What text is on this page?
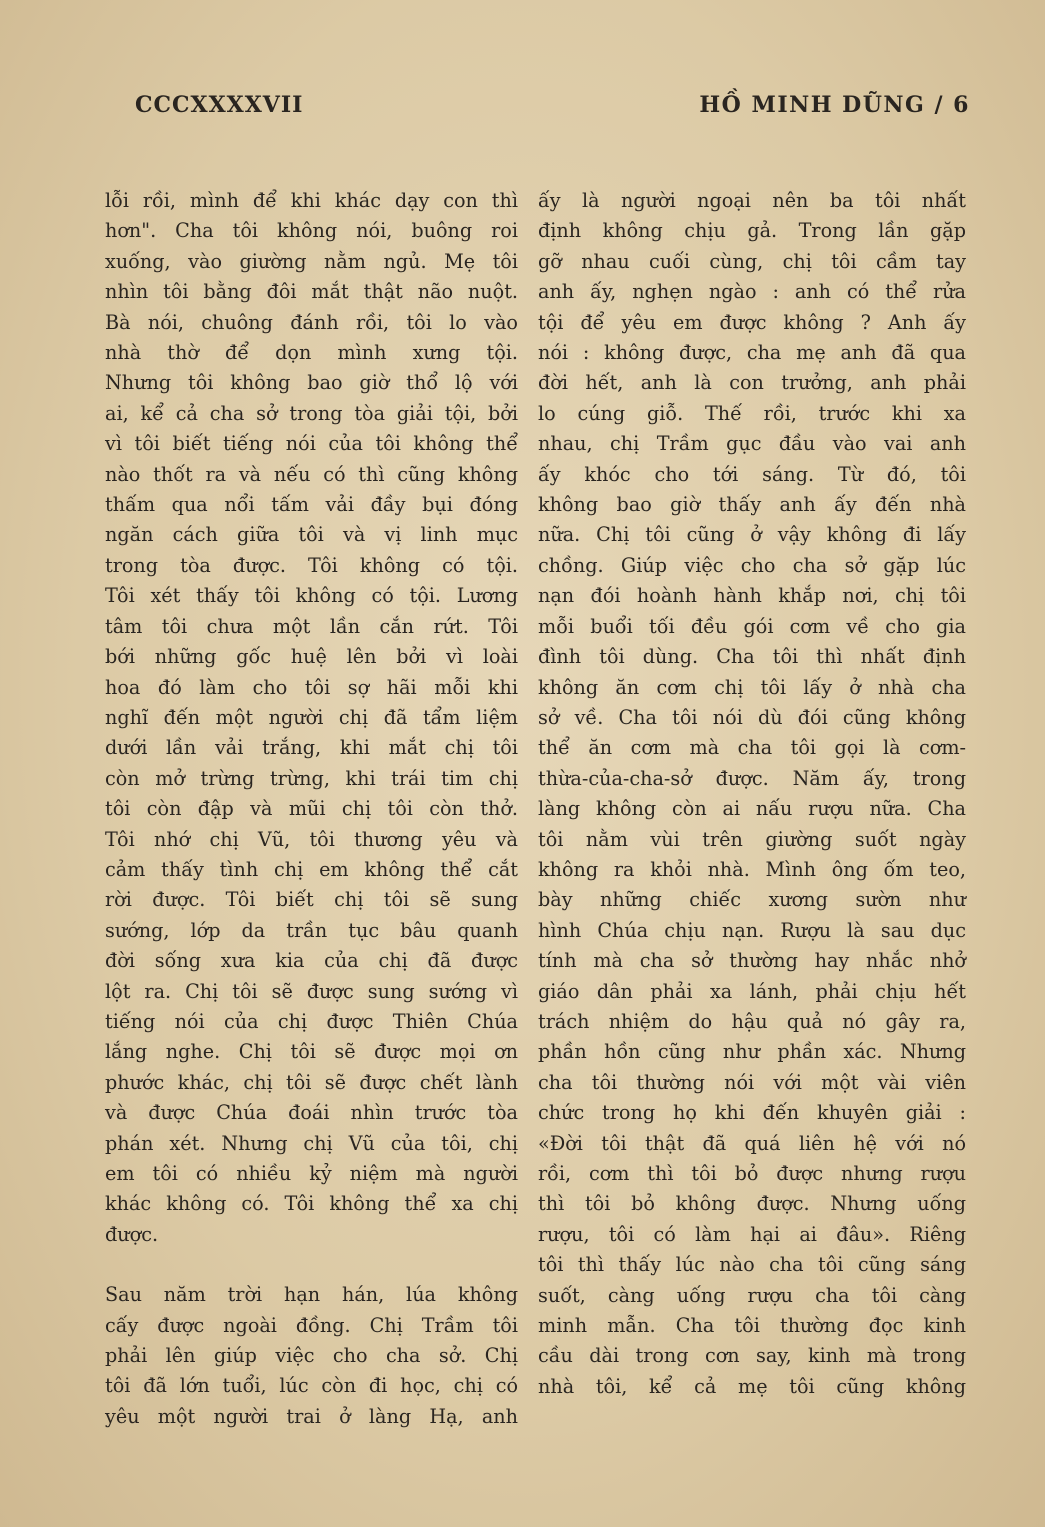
CCCXXXXVII	HỒ MINH DŨNG / 6

lỗi rồi, mình để khi khác dạy con thì
hơn". Cha tôi không nói, buông roi
xuống, vào giường nằm ngủ. Mẹ tôi
nhìn tôi bằng đôi mắt thật não nuột.
Bà nói, chuông đánh rồi, tôi lo vào
nhà thờ để dọn mình xưng tội.
Nhưng tôi không bao giờ thổ lộ với
ai, kể cả cha sở trong tòa giải tội, bởi
vì tôi biết tiếng nói của tôi không thể
nào thốt ra và nếu có thì cũng không
thấm qua nổi tấm vải đầy bụi đóng
ngăn cách giữa tôi và vị linh mục
trong tòa được. Tôi không có tội.
Tôi xét thấy tôi không có tội. Lương
tâm tôi chưa một lần cắn rứt. Tôi
bới những gốc huệ lên bởi vì loài
hoa đó làm cho tôi sợ hãi mỗi khi
nghĩ đến một người chị đã tẩm liệm
dưới lần vải trắng, khi mắt chị tôi
còn mở trừng trừng, khi trái tim chị
tôi còn đập và mũi chị tôi còn thở.
Tôi nhớ chị Vũ, tôi thương yêu và
cảm thấy tình chị em không thể cắt
rời được. Tôi biết chị tôi sẽ sung
sướng, lớp da trần tục bâu quanh
đời sống xưa kia của chị đã được
lột ra. Chị tôi sẽ được sung sướng vì
tiếng nói của chị được Thiên Chúa
lắng nghe. Chị tôi sẽ được mọi ơn
phước khác, chị tôi sẽ được chết lành
và được Chúa đoái nhìn trước tòa
phán xét. Nhưng chị Vũ của tôi, chị
em tôi có nhiều kỷ niệm mà người
khác không có. Tôi không thể xa chị
được.

Sau năm trời hạn hán, lúa không
cấy được ngoài đồng. Chị Trầm tôi
phải lên giúp việc cho cha sở. Chị
tôi đã lớn tuổi, lúc còn đi học, chị có
yêu một người trai ở làng Hạ, anh

ấy là người ngoại nên ba tôi nhất
định không chịu gả. Trong lần gặp
gỡ nhau cuối cùng, chị tôi cầm tay
anh ấy, nghẹn ngào : anh có thể rửa
tội để yêu em được không ? Anh ấy
nói : không được, cha mẹ anh đã qua
đời hết, anh là con trưởng, anh phải
lo cúng giỗ. Thế rồi, trước khi xa
nhau, chị Trầm gục đầu vào vai anh
ấy khóc cho tới sáng. Từ đó, tôi
không bao giờ thấy anh ấy đến nhà
nữa. Chị tôi cũng ở vậy không đi lấy
chồng. Giúp việc cho cha sở gặp lúc
nạn đói hoành hành khắp nơi, chị tôi
mỗi buổi tối đều gói cơm về cho gia
đình tôi dùng. Cha tôi thì nhất định
không ăn cơm chị tôi lấy ở nhà cha
sở về. Cha tôi nói dù đói cũng không
thể ăn cơm mà cha tôi gọi là cơm-
thừa-của-cha-sở được. Năm ấy, trong
làng không còn ai nấu rượu nữa. Cha
tôi nằm vùi trên giường suốt ngày
không ra khỏi nhà. Mình ông ốm teo,
bày những chiếc xương sườn như
hình Chúa chịu nạn. Rượu là sau dục
tính mà cha sở thường hay nhắc nhở
giáo dân phải xa lánh, phải chịu hết
trách nhiệm do hậu quả nó gây ra,
phần hồn cũng như phần xác. Nhưng
cha tôi thường nói với một vài viên
chức trong họ khi đến khuyên giải :
«Đời tôi thật đã quá liên hệ với nó
rồi, cơm thì tôi bỏ được nhưng rượu
thì tôi bỏ không được. Nhưng uống
rượu, tôi có làm hại ai đâu». Riêng
tôi thì thấy lúc nào cha tôi cũng sáng
suốt, càng uống rượu cha tôi càng
minh mẫn. Cha tôi thường đọc kinh
cầu dài trong cơn say, kinh mà trong
nhà tôi, kể cả mẹ tôi cũng không
